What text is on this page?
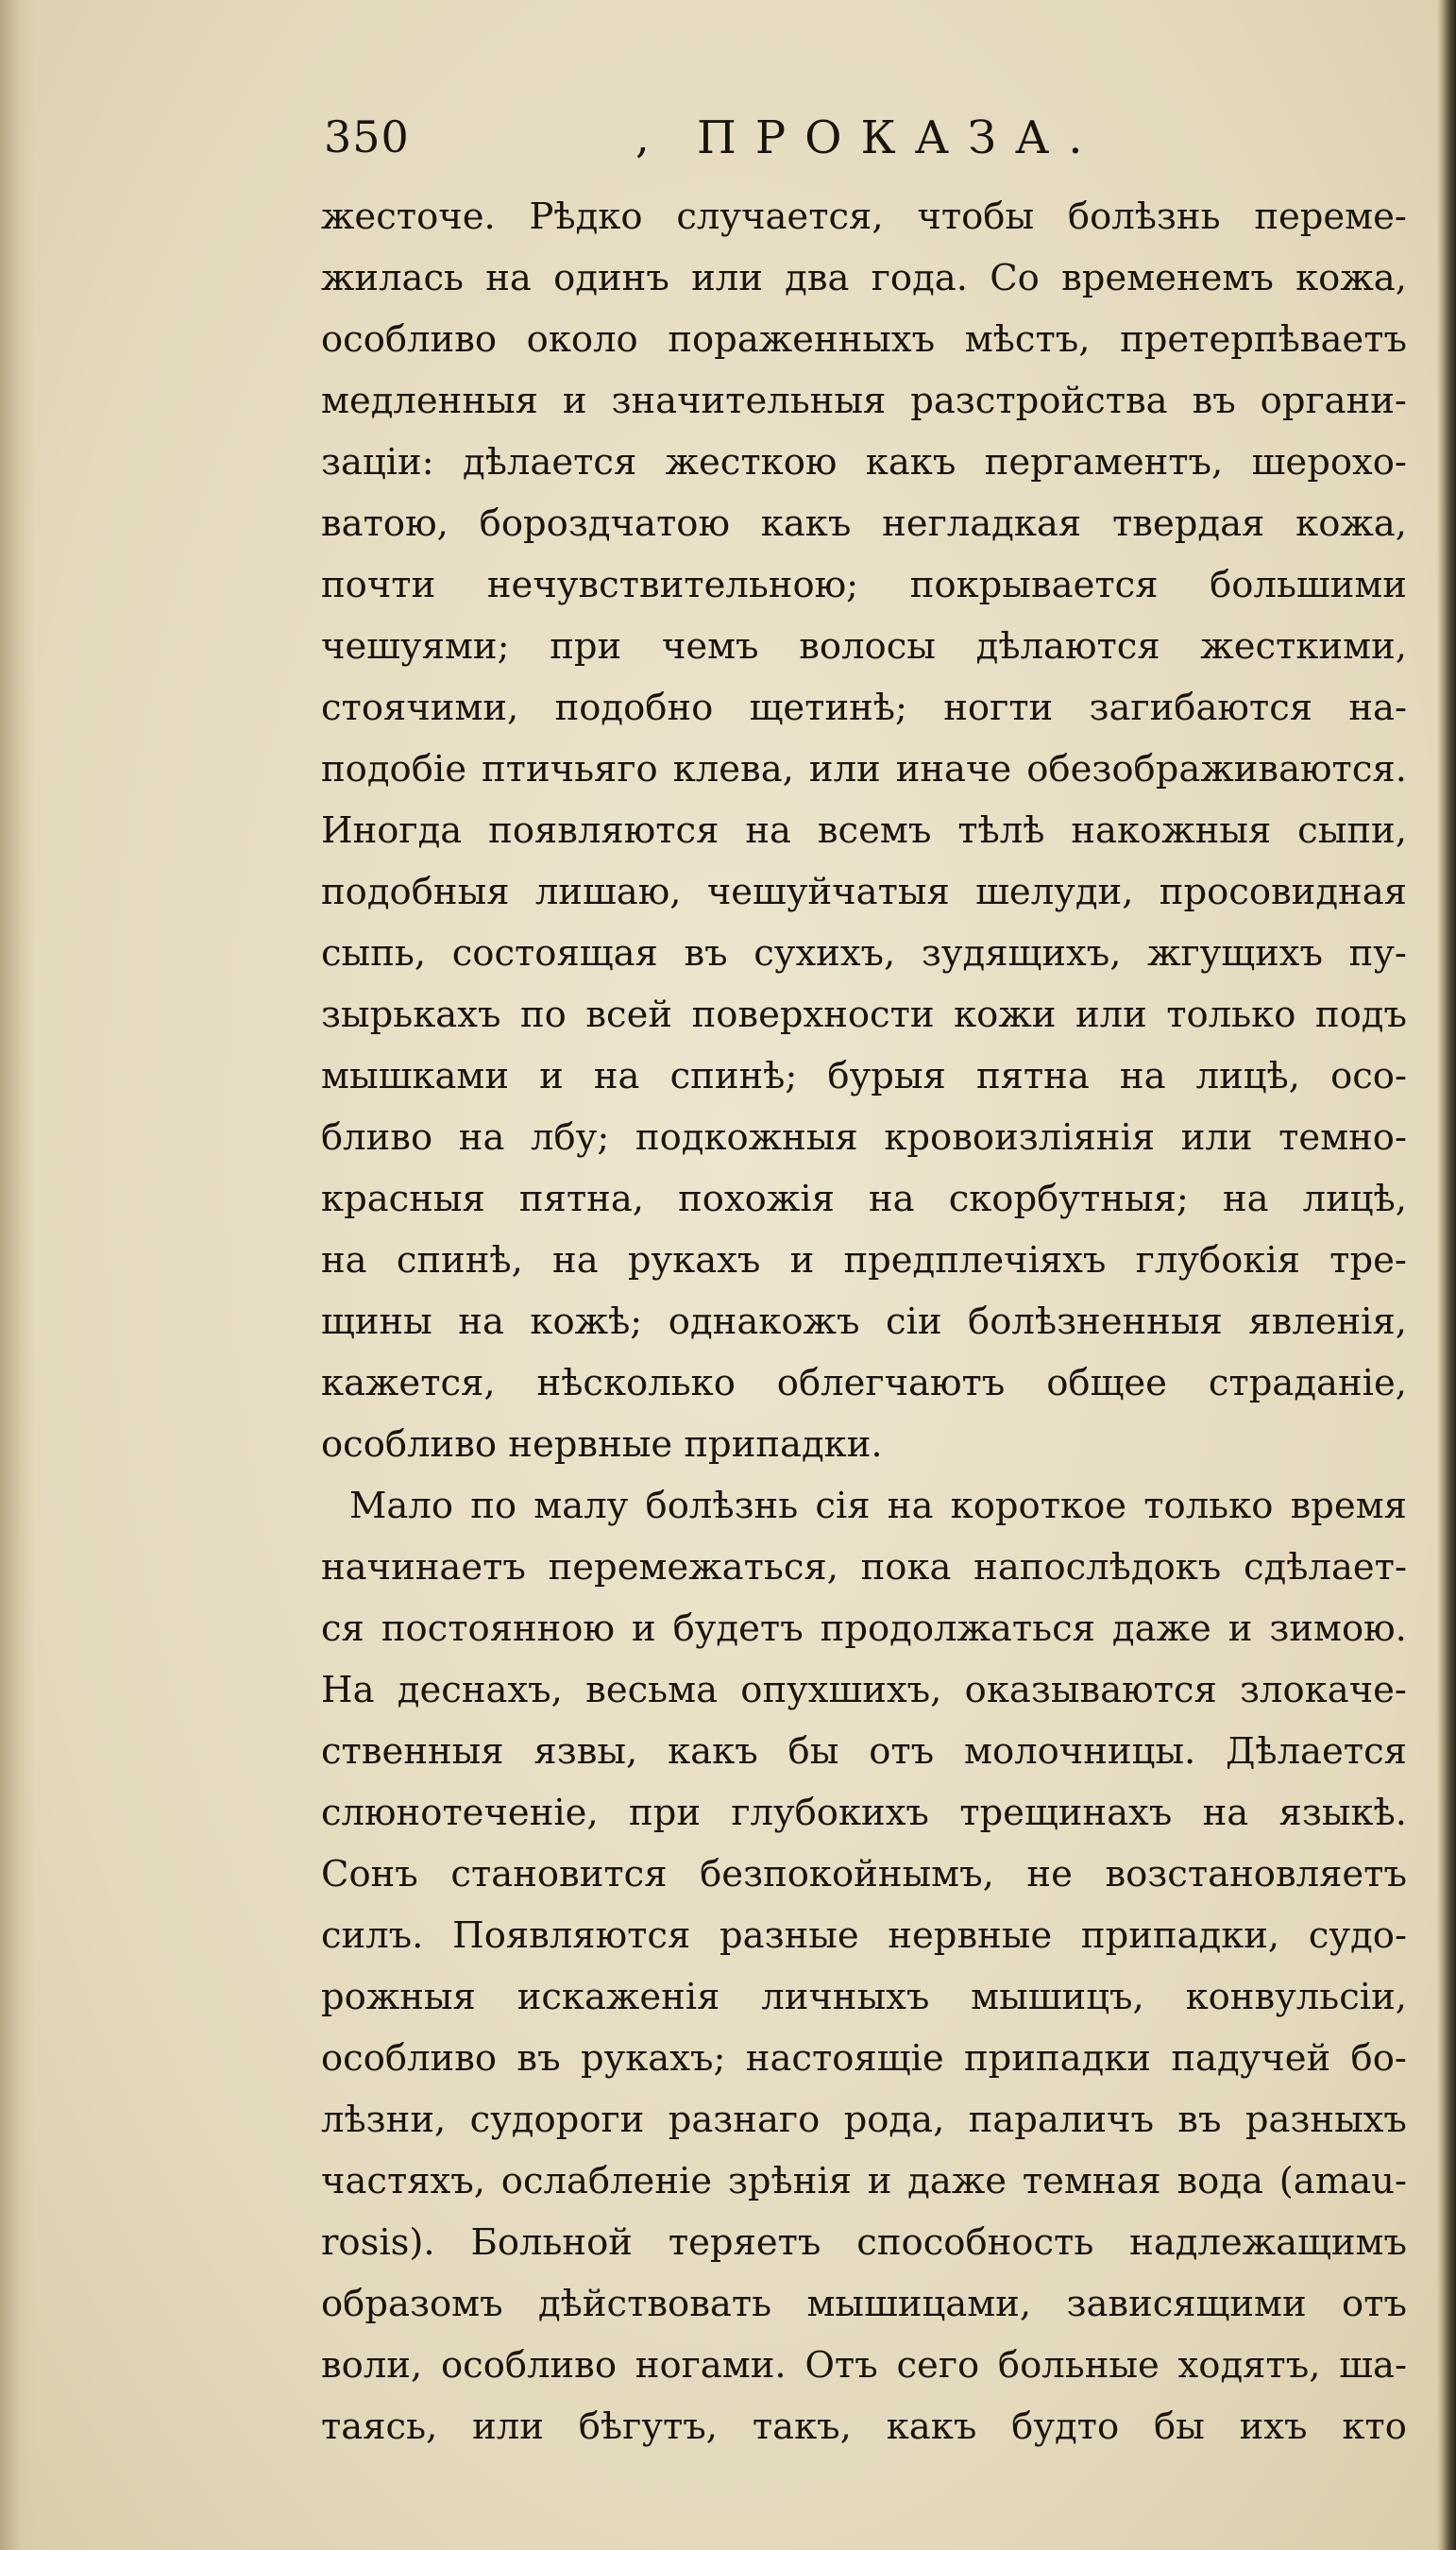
350	, ПРОКАЗА.
жесточе. Рѣдко случается, чтобы болѣзнь переме-
жилась на одинъ или два года. Со временемъ кожа,
особливо около пораженныхъ мѣстъ, претерпѣваетъ
медленныя и значительныя разстройства въ органи-
заціи: дѣлается жесткою какъ пергаментъ, шерохо-
ватою, бороздчатою какъ негладкая твердая кожа,
почти нечувствительною; покрывается большими
чешуями; при чемъ волосы дѣлаются жесткими,
стоячими, подобно щетинѣ; ногти загибаются на-
подобіе птичьяго клева, или иначе обезображиваются.
Иногда появляются на всемъ тѣлѣ накожныя сыпи,
подобныя лишаю, чешуйчатыя шелуди, просовидная
сыпь, состоящая въ сухихъ, зудящихъ, жгущихъ пу-
зырькахъ по всей поверхности кожи или только подъ
мышками и на спинѣ; бурыя пятна на лицѣ, осо-
бливо на лбу; подкожныя кровоизліянія или темно-
красныя пятна, похожія на скорбутныя; на лицѣ,
на спинѣ, на рукахъ и предплечіяхъ глубокія тре-
щины на кожѣ; однакожъ сіи болѣзненныя явленія,
кажется, нѣсколько облегчаютъ общее страданіе,
особливо нервные припадки.
Мало по малу болѣзнь сія на короткое только время
начинаетъ перемежаться, пока напослѣдокъ сдѣлает-
ся постоянною и будетъ продолжаться даже и зимою.
На деснахъ, весьма опухшихъ, оказываются злокаче-
ственныя язвы, какъ бы отъ молочницы. Дѣлается
слюнотеченіе, при глубокихъ трещинахъ на языкѣ.
Сонъ становится безпокойнымъ, не возстановляетъ
силъ. Появляются разные нервные припадки, судо-
рожныя искаженія личныхъ мышицъ, конвульсіи,
особливо въ рукахъ; настоящіе припадки падучей бо-
лѣзни, судороги разнаго рода, параличъ въ разныхъ
частяхъ, ослабленіе зрѣнія и даже темная вода (amau-
rosis). Больной теряетъ способность надлежащимъ
образомъ дѣйствовать мышицами, зависящими отъ
воли, особливо ногами. Отъ сего больные ходятъ, ша-
таясь, или бѣгутъ, такъ, какъ будто бы ихъ кто
